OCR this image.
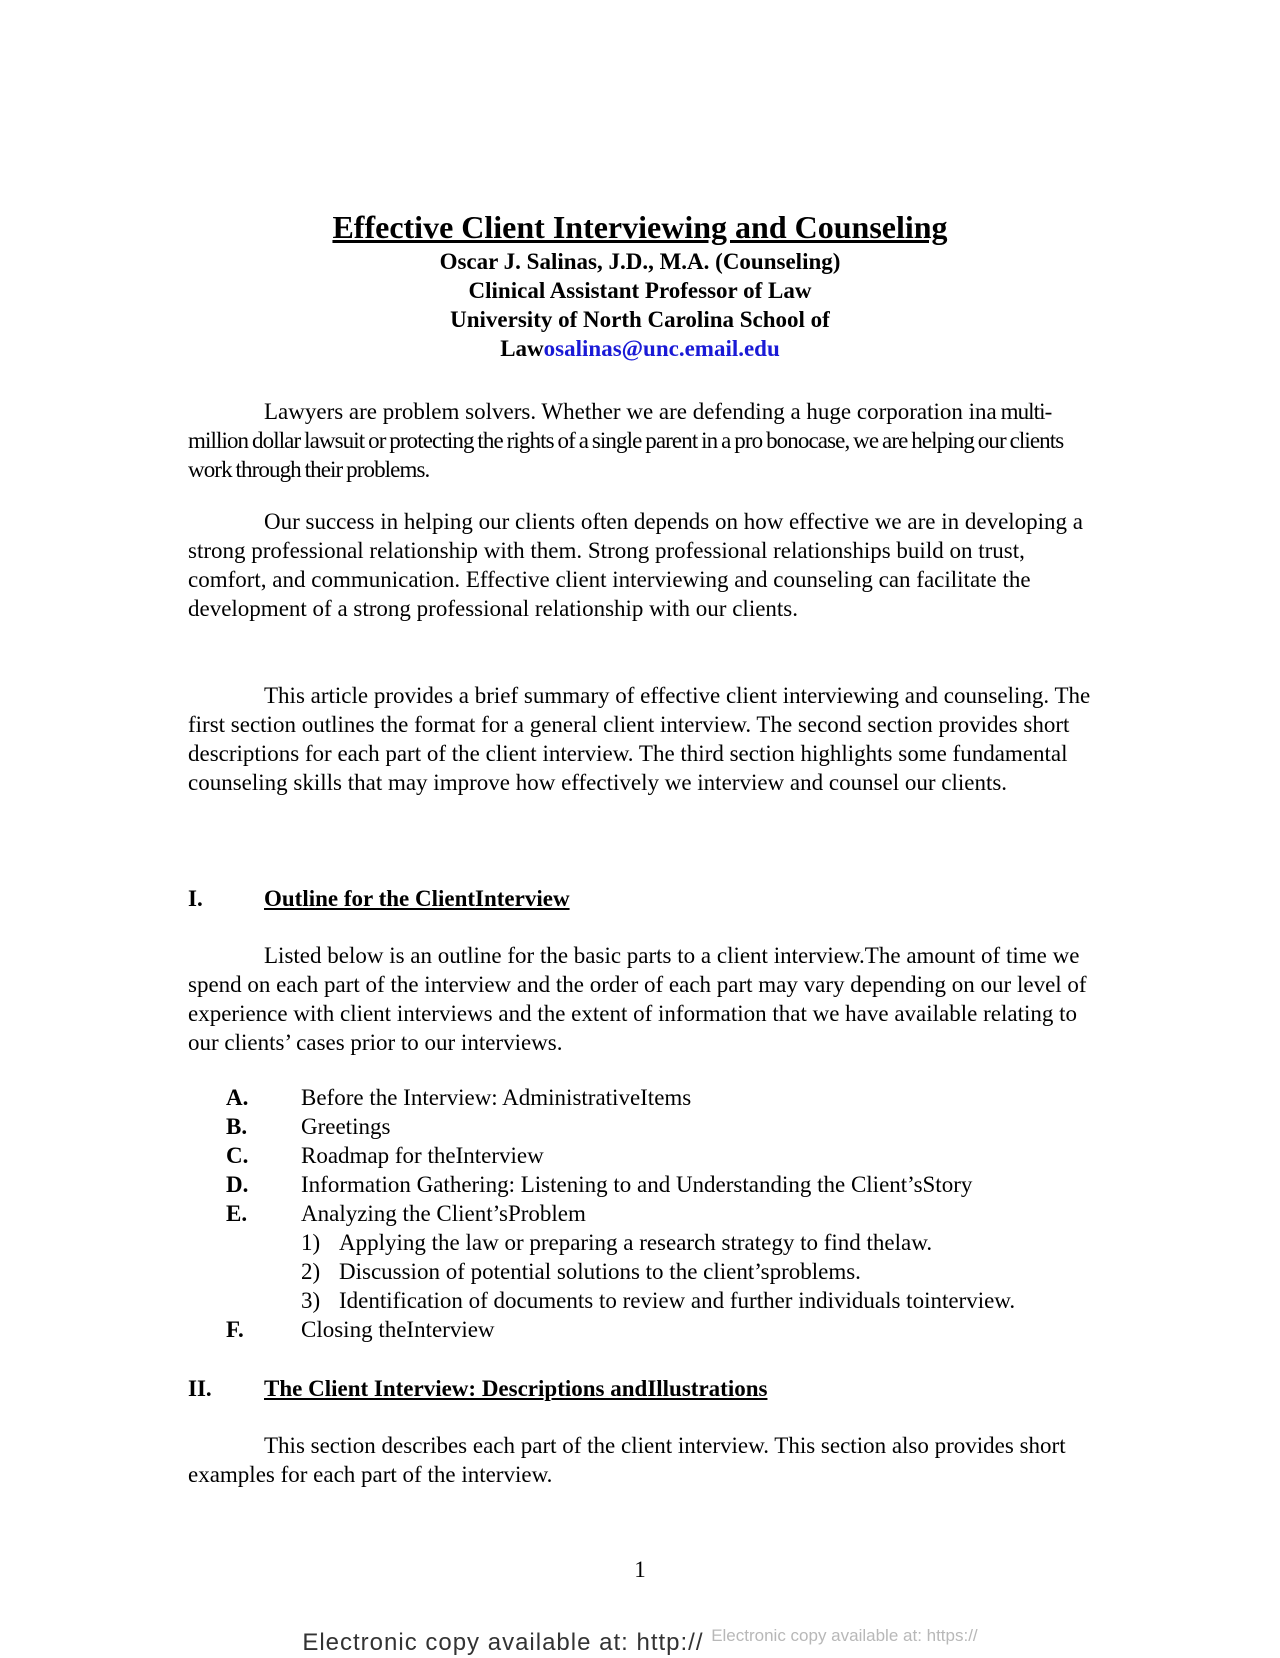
Effective Client Interviewing and Counseling
Oscar J. Salinas, J.D., M.A. (Counseling)
Clinical Assistant Professor of Law
University of North Carolina School of
Lawosalinas@unc.email.edu

Lawyers are problem solvers. Whether we are defending a huge corporation ina multi-million dollar lawsuit or protecting the rights of a single parent in a pro bonocase, we are helping our clients work through their problems.

Our success in helping our clients often depends on how effective we are in developing a strong professional relationship with them. Strong professional relationships build on trust, comfort, and communication. Effective client interviewing and counseling can facilitate the development of a strong professional relationship with our clients.

This article provides a brief summary of effective client interviewing and counseling. The first section outlines the format for a general client interview. The second section provides short descriptions for each part of the client interview. The third section highlights some fundamental counseling skills that may improve how effectively we interview and counsel our clients.

I.	Outline for the ClientInterview

Listed below is an outline for the basic parts to a client interview.The amount of time we spend on each part of the interview and the order of each part may vary depending on our level of experience with client interviews and the extent of information that we have available relating to our clients’ cases prior to our interviews.

A. Before the Interview: AdministrativeItems
B. Greetings
C. Roadmap for theInterview
D. Information Gathering: Listening to and Understanding the Client’sStory
E. Analyzing the Client’sProblem
1) Applying the law or preparing a research strategy to find thelaw.
2) Discussion of potential solutions to the client’sproblems.
3) Identification of documents to review and further individuals tointerview.
F. Closing theInterview
II. The Client Interview: Descriptions andIllustrations

This section describes each part of the client interview. This section also provides short examples for each part of the interview.

1
Electronic copy available at: http:// $^{Electronic copy available at: https://}$
